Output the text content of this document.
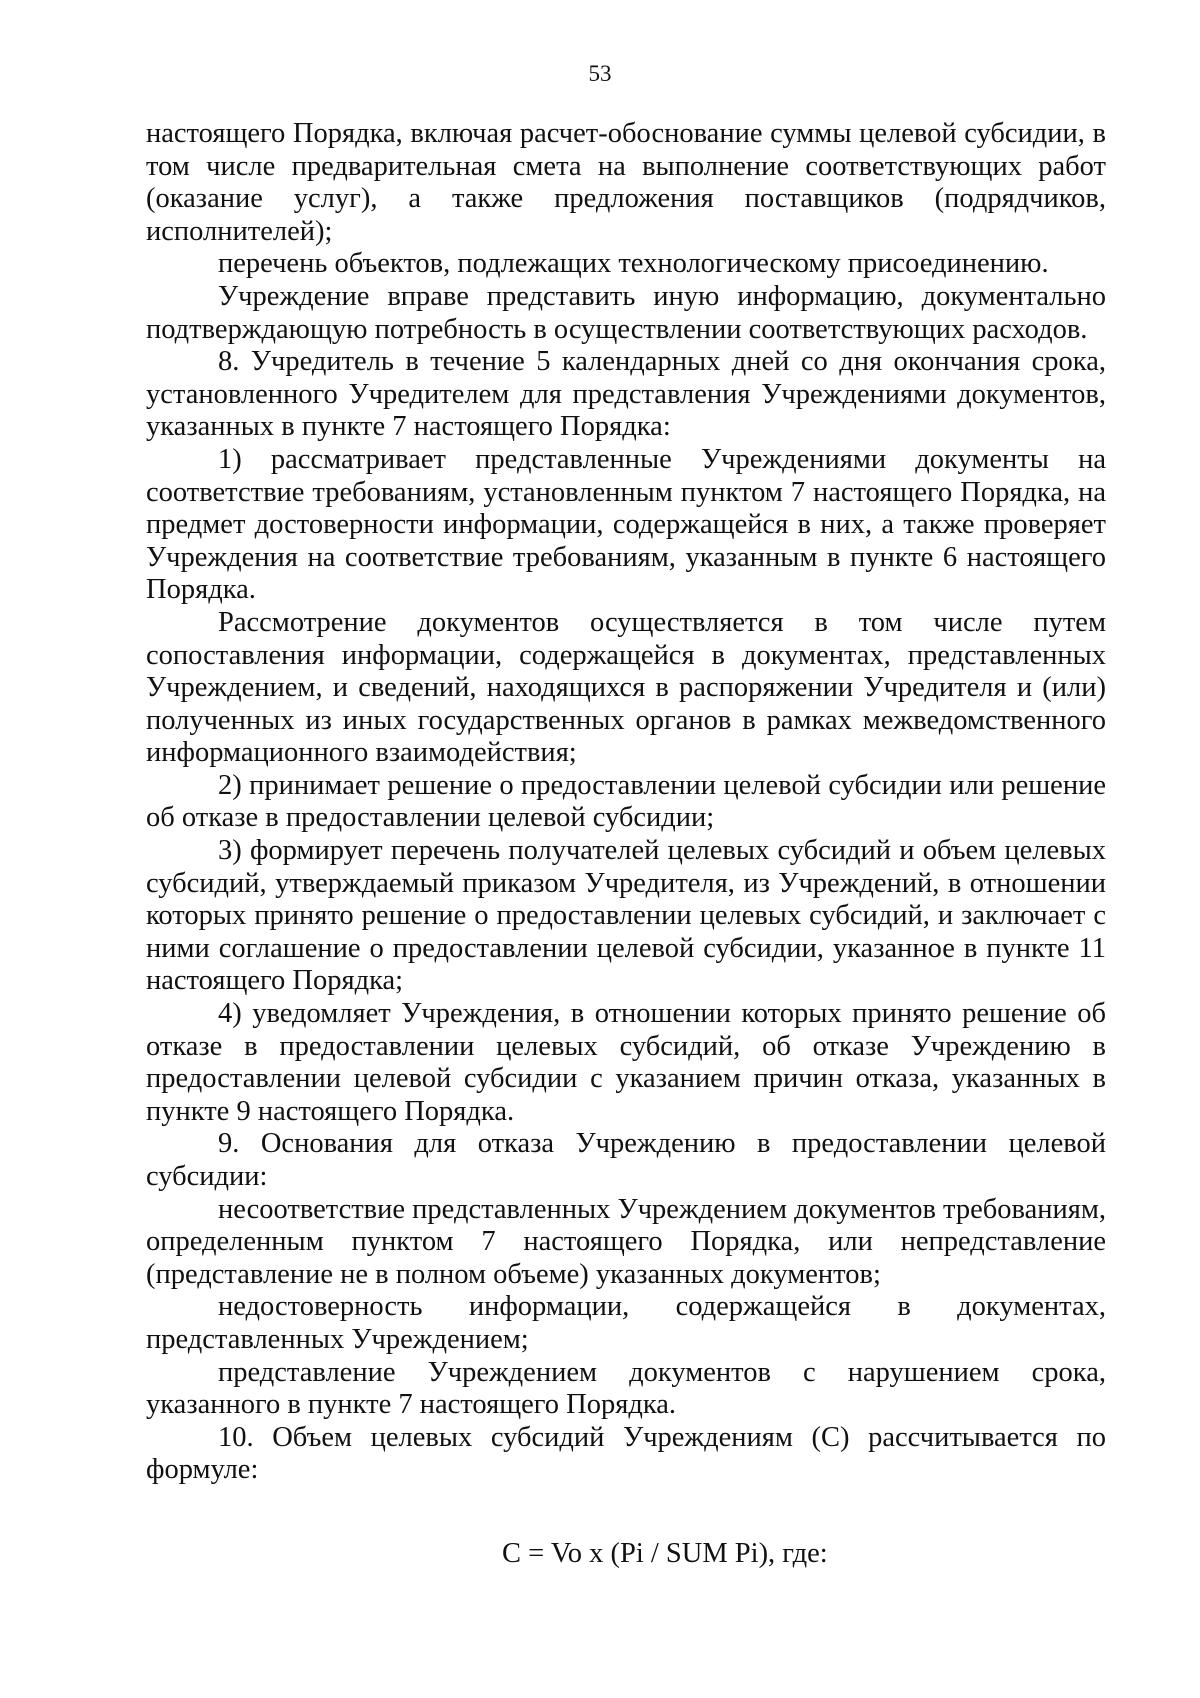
53

настоящего Порядка, включая расчет-обоснование суммы целевой субсидии, в том числе предварительная смета на выполнение соответствующих работ (оказание услуг), а также предложения поставщиков (подрядчиков, исполнителей);

перечень объектов, подлежащих технологическому присоединению.

Учреждение вправе представить иную информацию, документально подтверждающую потребность в осуществлении соответствующих расходов.

8. Учредитель в течение 5 календарных дней со дня окончания срока, установленного Учредителем для представления Учреждениями документов, указанных в пункте 7 настоящего Порядка:

1) рассматривает представленные Учреждениями документы на соответствие требованиям, установленным пунктом 7 настоящего Порядка, на предмет достоверности информации, содержащейся в них, а также проверяет Учреждения на соответствие требованиям, указанным в пункте 6 настоящего Порядка.

Рассмотрение документов осуществляется в том числе путем сопоставления информации, содержащейся в документах, представленных Учреждением, и сведений, находящихся в распоряжении Учредителя и (или) полученных из иных государственных органов в рамках межведомственного информационного взаимодействия;

2) принимает решение о предоставлении целевой субсидии или решение об отказе в предоставлении целевой субсидии;

3) формирует перечень получателей целевых субсидий и объем целевых субсидий, утверждаемый приказом Учредителя, из Учреждений, в отношении которых принято решение о предоставлении целевых субсидий, и заключает с ними соглашение о предоставлении целевой субсидии, указанное в пункте 11 настоящего Порядка;

4) уведомляет Учреждения, в отношении которых принято решение об отказе в предоставлении целевых субсидий, об отказе Учреждению в предоставлении целевой субсидии с указанием причин отказа, указанных в пункте 9 настоящего Порядка.

9. Основания для отказа Учреждению в предоставлении целевой субсидии:

несоответствие представленных Учреждением документов требованиям, определенным пунктом 7 настоящего Порядка, или непредставление (представление не в полном объеме) указанных документов;

недостоверность информации, содержащейся в документах, представленных Учреждением;

представление Учреждением документов с нарушением срока, указанного в пункте 7 настоящего Порядка.

10. Объем целевых субсидий Учреждениям (C) рассчитывается по формуле:

C = Vo x (Pi / SUM Pi), где:
